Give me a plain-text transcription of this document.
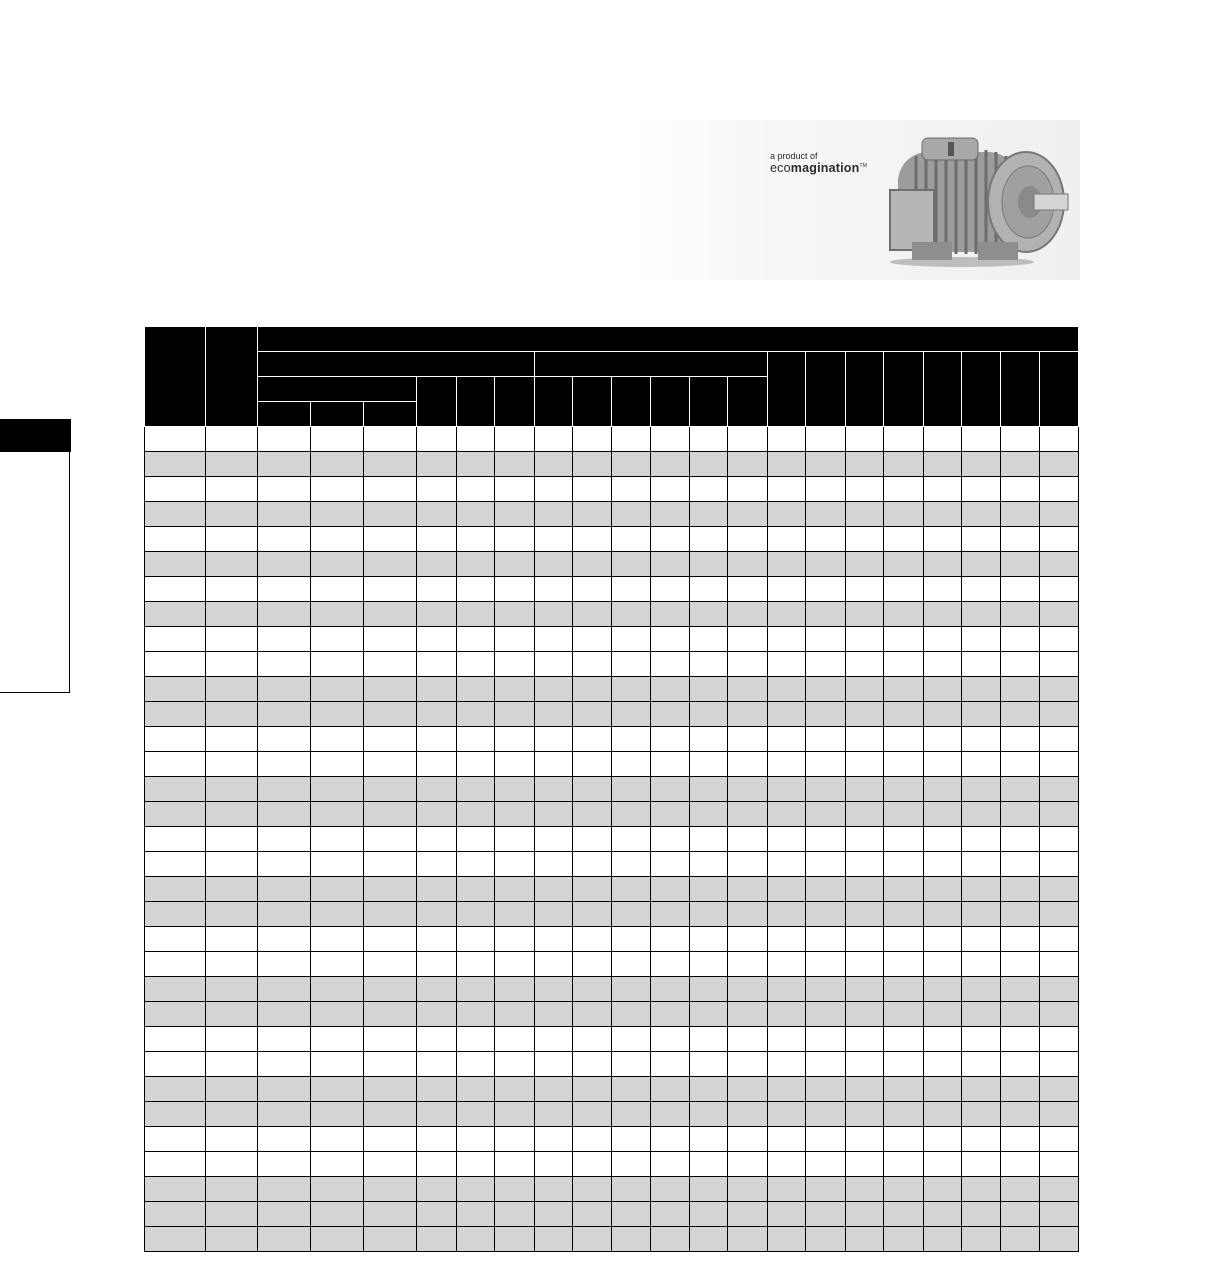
a product of
ecomagination™
